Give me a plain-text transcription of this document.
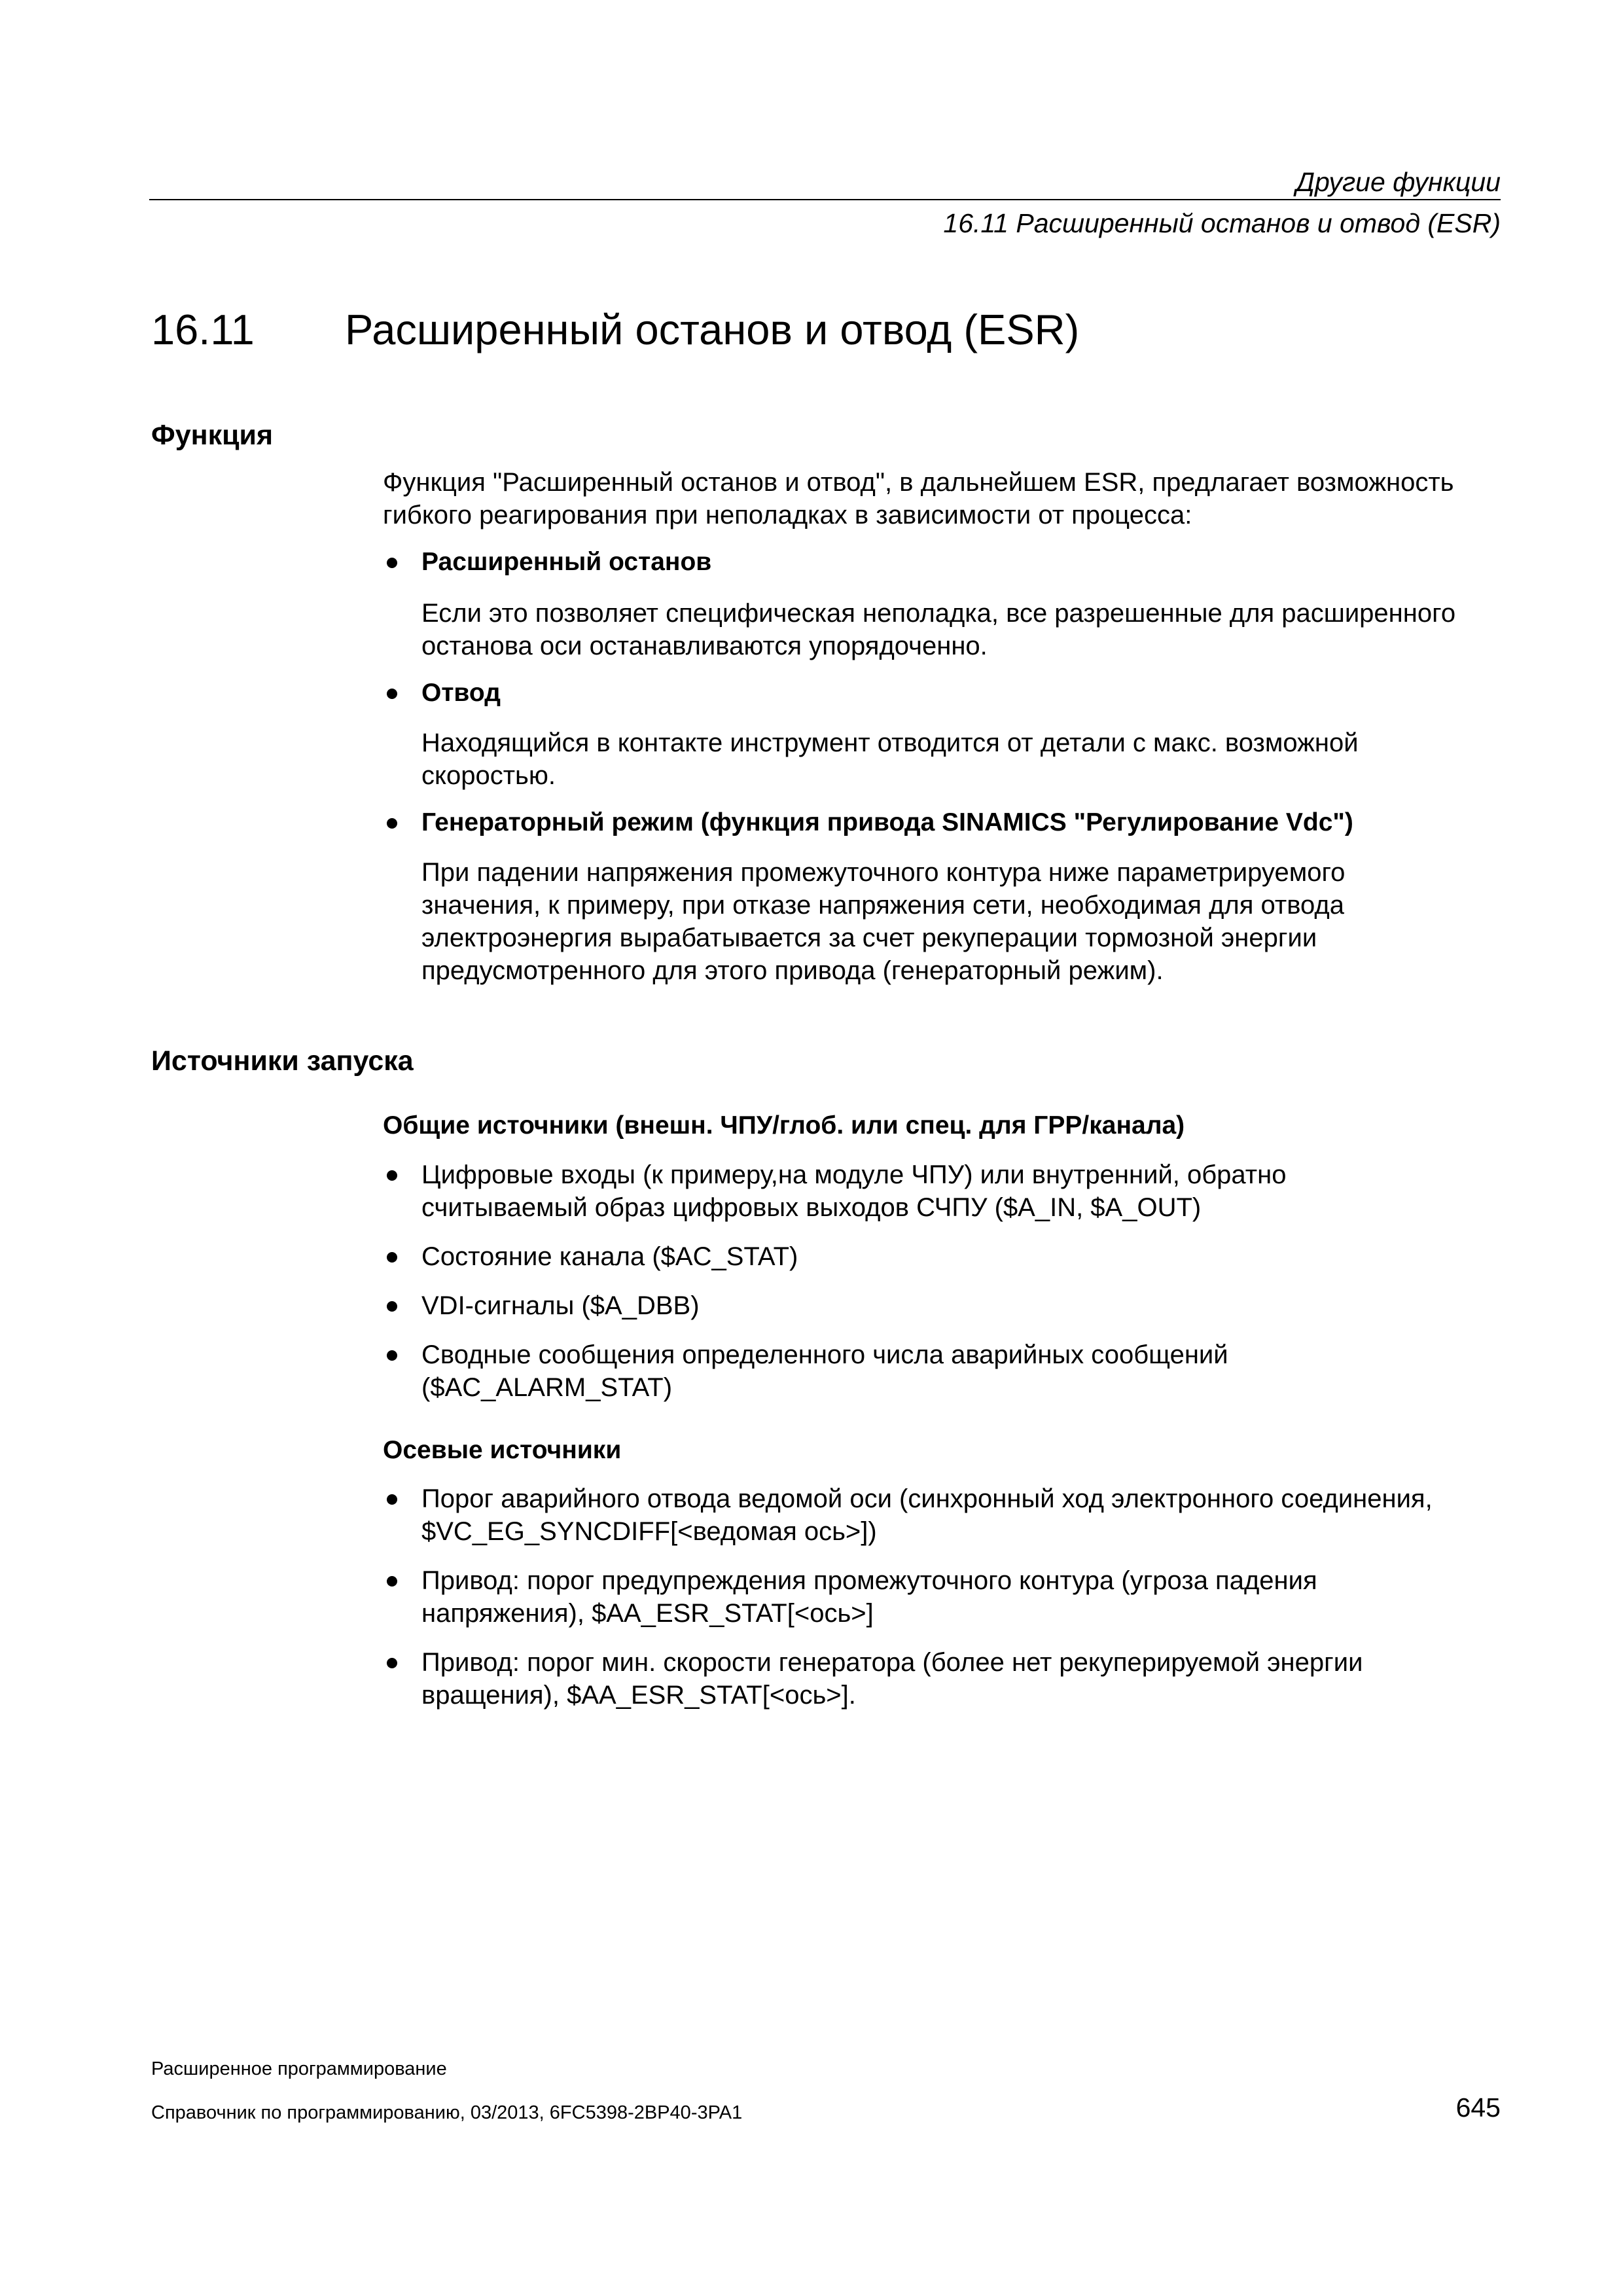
Другие функции
16.11 Расширенный останов и отвод (ESR)
16.11 Расширенный останов и отвод (ESR)
Функция
Функция "Расширенный останов и отвод", в дальнейшем ESR, предлагает возможность
гибкого реагирования при неполадках в зависимости от процесса:
Расширенный останов
Если это позволяет специфическая неполадка, все разрешенные для расширенного
останова оси останавливаются упорядоченно.
Отвод
Находящийся в контакте инструмент отводится от детали с макс. возможной
скоростью.
Генераторный режим (функция привода SINAMICS "Регулирование Vdc")
При падении напряжения промежуточного контура ниже параметрируемого
значения, к примеру, при отказе напряжения сети, необходимая для отвода
электроэнергия вырабатывается за счет рекуперации тормозной энергии
предусмотренного для этого привода (генераторный режим).
Источники запуска
Общие источники (внешн. ЧПУ/глоб. или спец. для ГРР/канала)
Цифровые входы (к примеру,на модуле ЧПУ) или внутренний, обратно
считываемый образ цифровых выходов СЧПУ ($A_IN, $A_OUT)
Состояние канала ($AC_STAT)
VDI-сигналы ($A_DBB)
Сводные сообщения определенного числа аварийных сообщений
($AC_ALARM_STAT)
Осевые источники
Порог аварийного отвода ведомой оси (синхронный ход электронного соединения,
$VC_EG_SYNCDIFF[<ведомая ось>])
Привод: порог предупреждения промежуточного контура (угроза падения
напряжения), $AA_ESR_STAT[<ось>]
Привод: порог мин. скорости генератора (более нет рекуперируемой энергии
вращения), $AA_ESR_STAT[<ось>].
Расширенное программирование
Справочник по программированию, 03/2013, 6FC5398-2BP40-3PA1	645
